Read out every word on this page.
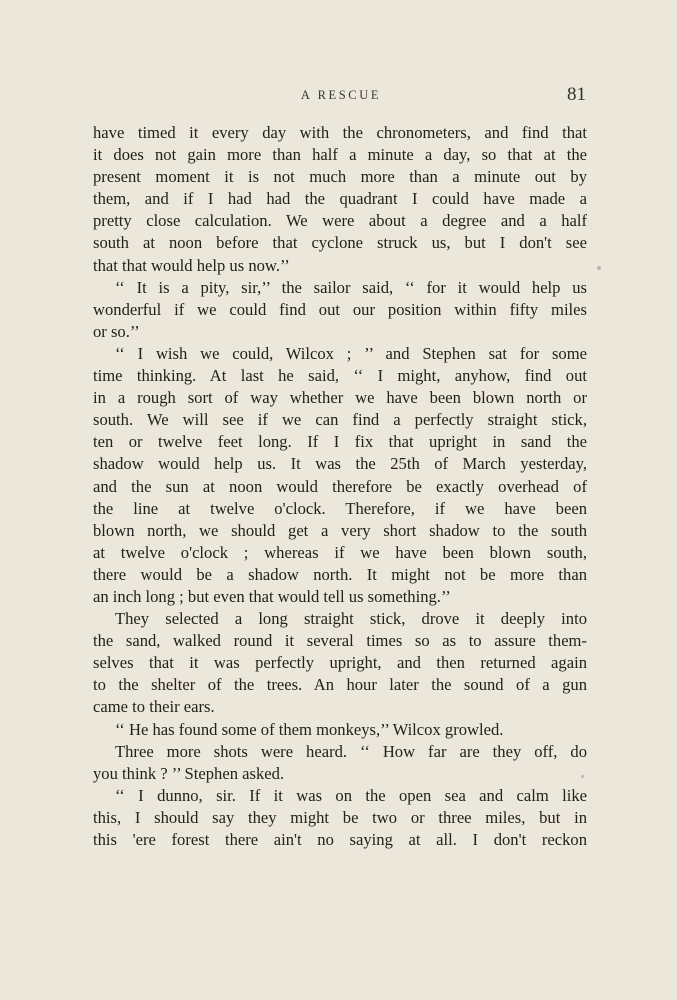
A RESCUE	81
have timed it every day with the chronometers, and find that
it does not gain more than half a minute a day, so that at the
present moment it is not much more than a minute out by
them, and if I had had the quadrant I could have made a
pretty close calculation. We were about a degree and a half
south at noon before that cyclone struck us, but I don't see
that that would help us now.’’
‘‘ It is a pity, sir,’’ the sailor said, ‘‘ for it would help us
wonderful if we could find out our position within fifty miles
or so.’’
‘‘ I wish we could, Wilcox ; ’’ and Stephen sat for some
time thinking. At last he said, ‘‘ I might, anyhow, find out
in a rough sort of way whether we have been blown north or
south. We will see if we can find a perfectly straight stick,
ten or twelve feet long. If I fix that upright in sand the
shadow would help us. It was the 25th of March yesterday,
and the sun at noon would therefore be exactly overhead of
the line at twelve o'clock. Therefore, if we have been
blown north, we should get a very short shadow to the south
at twelve o'clock ; whereas if we have been blown south,
there would be a shadow north. It might not be more than
an inch long ; but even that would tell us something.’’
They selected a long straight stick, drove it deeply into
the sand, walked round it several times so as to assure them-
selves that it was perfectly upright, and then returned again
to the shelter of the trees. An hour later the sound of a gun
came to their ears.
‘‘ He has found some of them monkeys,’’ Wilcox growled.
Three more shots were heard. ‘‘ How far are they off, do
you think ? ’’ Stephen asked.
‘‘ I dunno, sir. If it was on the open sea and calm like
this, I should say they might be two or three miles, but in
this 'ere forest there ain't no saying at all. I don't reckon
